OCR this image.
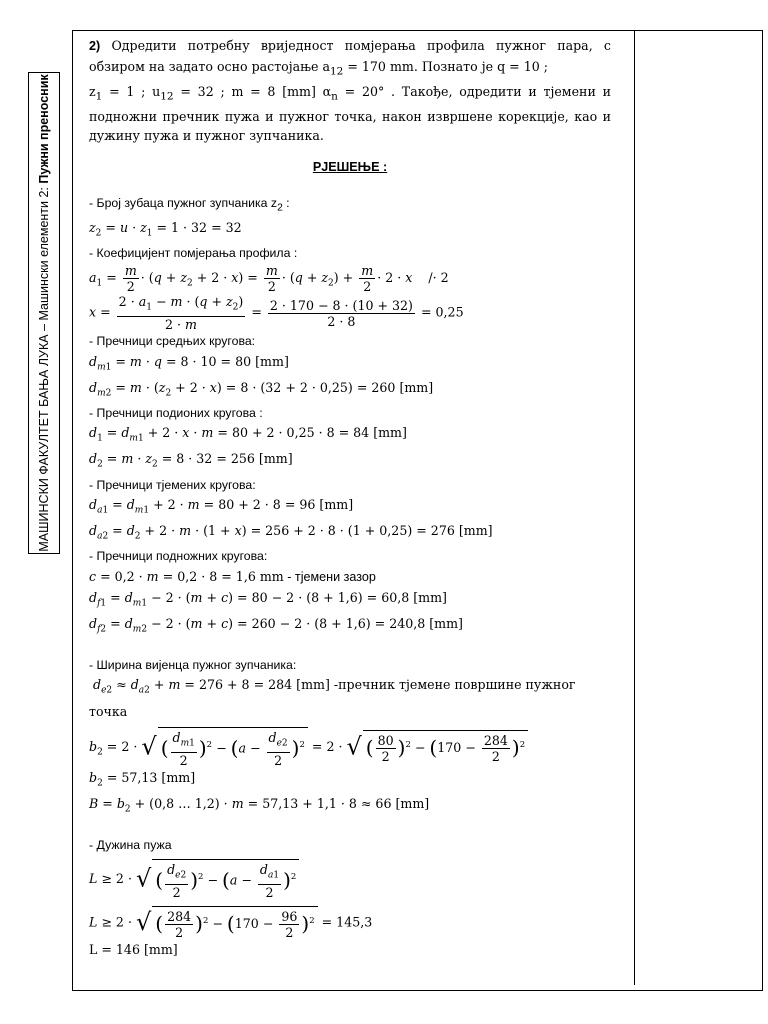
МАШИНСКИ ФАКУЛТЕТ БАЊА ЛУКА – Машински елементи 2: Пужни преносник

2) Одредити потребну вриједност помјерања профила пужног пара, с обзиром на задато осно растојање $a_{12} = 170$ mm. Познато је q = 10 ;
$z_1 = 1$ ; $u_{12} = 32$ ; m = 8 [mm] $\alpha_n = 20^\circ$ . Такође, одредити и тјемени и подножни пречник пужа и пужног точка, након извршене корекције, као и дужину пужа и пужног зупчаника.

РЈЕШЕЊЕ :

- Број зубаца пужног зупчаника $z_2$ :

$z_2 = u \cdot z_1 = 1 \cdot 32 = 32$

- Коефицијент помјерања профила :

$a_1 = \frac{m}{2} \cdot (q + z_2 + 2 \cdot x) = \frac{m}{2} \cdot (q + z_2) + \frac{m}{2} \cdot 2 \cdot x$    /· 2

$x = \frac{2 \cdot a_1 - m \cdot (q + z_2)}{2 \cdot m} = \frac{2 \cdot 170 - 8 \cdot (10 + 32)}{2 \cdot 8} = 0,25$

- Пречници средњих кругова:

$d_{m1} = m \cdot q = 8 \cdot 10 = 80$ [mm]

$d_{m2} = m \cdot (z_2 + 2 \cdot x) = 8 \cdot (32 + 2 \cdot 0,25) = 260$ [mm]

- Пречници подионих кругова :

$d_1 = d_{m1} + 2 \cdot x \cdot m = 80 + 2 \cdot 0,25 \cdot 8 = 84$ [mm]

$d_2 = m \cdot z_2 = 8 \cdot 32 = 256$ [mm]

- Пречници тјемених кругова:

$d_{a1} = d_{m1} + 2 \cdot m = 80 + 2 \cdot 8 = 96$ [mm]

$d_{a2} = d_2 + 2 \cdot m \cdot (1 + x) = 256 + 2 \cdot 8 \cdot (1 + 0,25) = 276$ [mm]

- Пречници подножних кругова:

c = 0,2 · m = 0,2 · 8 = 1,6 mm - тјемени зазор

$d_{f1} = d_{m1} - 2 \cdot (m + c) = 80 - 2 \cdot (8 + 1,6) = 60,8$ [mm]

$d_{f2} = d_{m2} - 2 \cdot (m + c) = 260 - 2 \cdot (8 + 1,6) = 240,8$ [mm]

- Ширина вијенца пужног зупчаника:

$d_{e2} \approx d_{a2} + m = 276 + 8 = 284$ [mm] -пречник тјемене површине пужног точка

$b_2 = 2$ · √ ( $\frac{d_{m1}}{2} )^2 - (a - \frac{d_{e2}}{2} )^2 = 2$ · √ ( $\frac{80}{2} )^2 - (170 - \frac{284}{2} )^2$

$b_2 = 57,13$ [mm]

$B = b_2 + (0,8$ … 1,2) · m = 57,13 + 1,1 · 8 ≈ 66 [mm]

- Дужина пужа

L ≥ 2 · √ ( $\frac{d_{e2}}{2} )^2 - (a - \frac{d_{a1}}{2} )^2$

L ≥ 2 · √ ( $\frac{284}{2} )^2 - (170 - \frac{96}{2} )^2 = 145,3$

L = 146 [mm]
